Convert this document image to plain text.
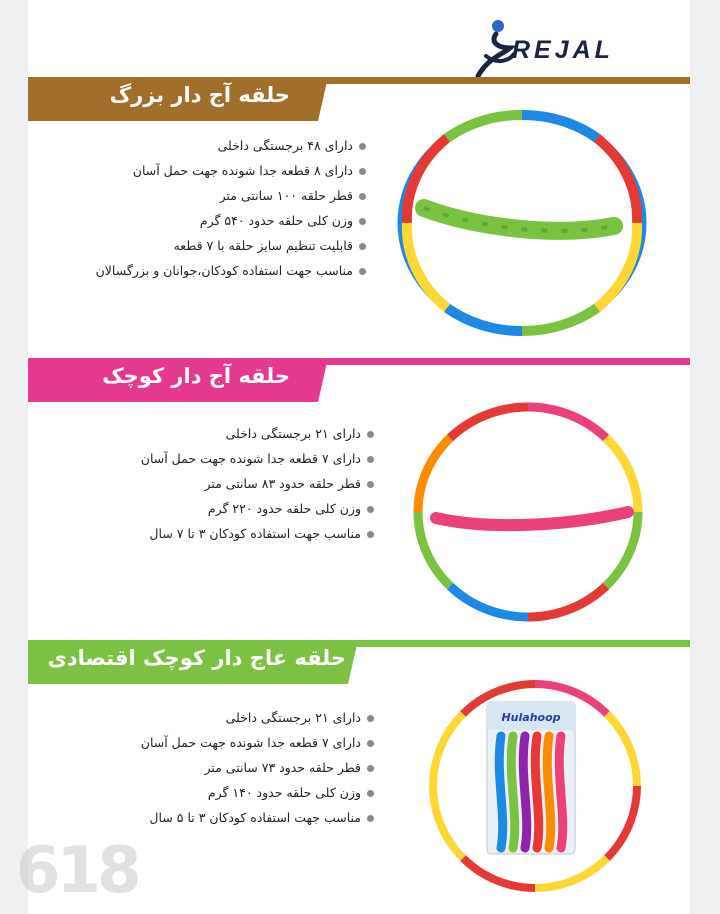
REJAL
حلقه آج دار بزرگ
دارای ۴۸ برجستگی داخلی
دارای ۸ قطعه جدا شونده جهت حمل آسان
قطر حلقه ۱۰۰ سانتی متر
وزن کلی حلقه حدود ۵۴۰ گرم
قابلیت تنظیم سایز حلقه با ۷ قطعه
مناسب جهت استفاده کودکان،جوانان و بزرگسالان
حلقه آج دار کوچک
دارای ۲۱ برجستگی داخلی
دارای ۷ قطعه جدا شونده جهت حمل آسان
قطر حلقه حدود ۸۳ سانتی متر
وزن کلی حلقه حدود ۲۲۰ گرم
مناسب جهت استفاده کودکان ۳ تا ۷ سال
حلقه عاج دار کوچک اقتصادی
دارای ۲۱ برجستگی داخلی
دارای ۷ قطعه جدا شونده جهت حمل آسان
قطر حلقه حدود ۷۳ سانتی متر
وزن کلی حلقه حدود ۱۴۰ گرم
مناسب جهت استفاده کودکان ۳ تا ۵ سال
Hulahoop
618
